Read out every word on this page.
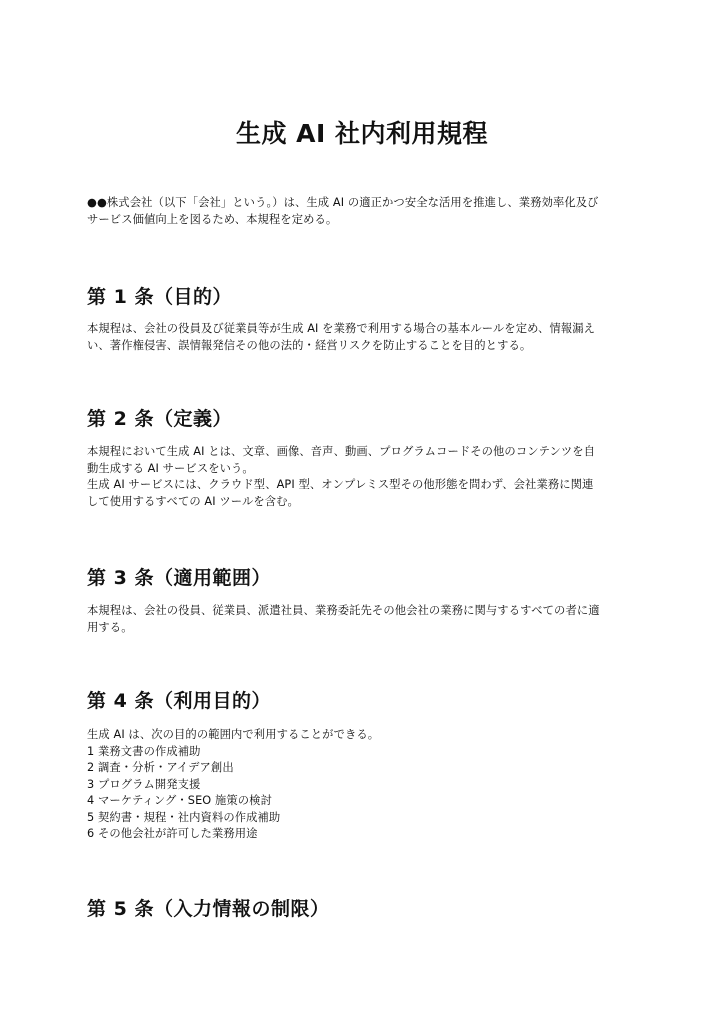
生成 AI 社内利用規程
●●株式会社（以下「会社」という。）は、生成 AI の適正かつ安全な活用を推進し、業務効率化及び
サービス価値向上を図るため、本規程を定める。
第 1 条（目的）
本規程は、会社の役員及び従業員等が生成 AI を業務で利用する場合の基本ルールを定め、情報漏え
い、著作権侵害、誤情報発信その他の法的・経営リスクを防止することを目的とする。
第 2 条（定義）
本規程において生成 AI とは、文章、画像、音声、動画、プログラムコードその他のコンテンツを自
動生成する AI サービスをいう。
生成 AI サービスには、クラウド型、API 型、オンプレミス型その他形態を問わず、会社業務に関連
して使用するすべての AI ツールを含む。
第 3 条（適用範囲）
本規程は、会社の役員、従業員、派遣社員、業務委託先その他会社の業務に関与するすべての者に適
用する。
第 4 条（利用目的）
生成 AI は、次の目的の範囲内で利用することができる。
1 業務文書の作成補助
2 調査・分析・アイデア創出
3 プログラム開発支援
4 マーケティング・SEO 施策の検討
5 契約書・規程・社内資料の作成補助
6 その他会社が許可した業務用途
第 5 条（入力情報の制限）
